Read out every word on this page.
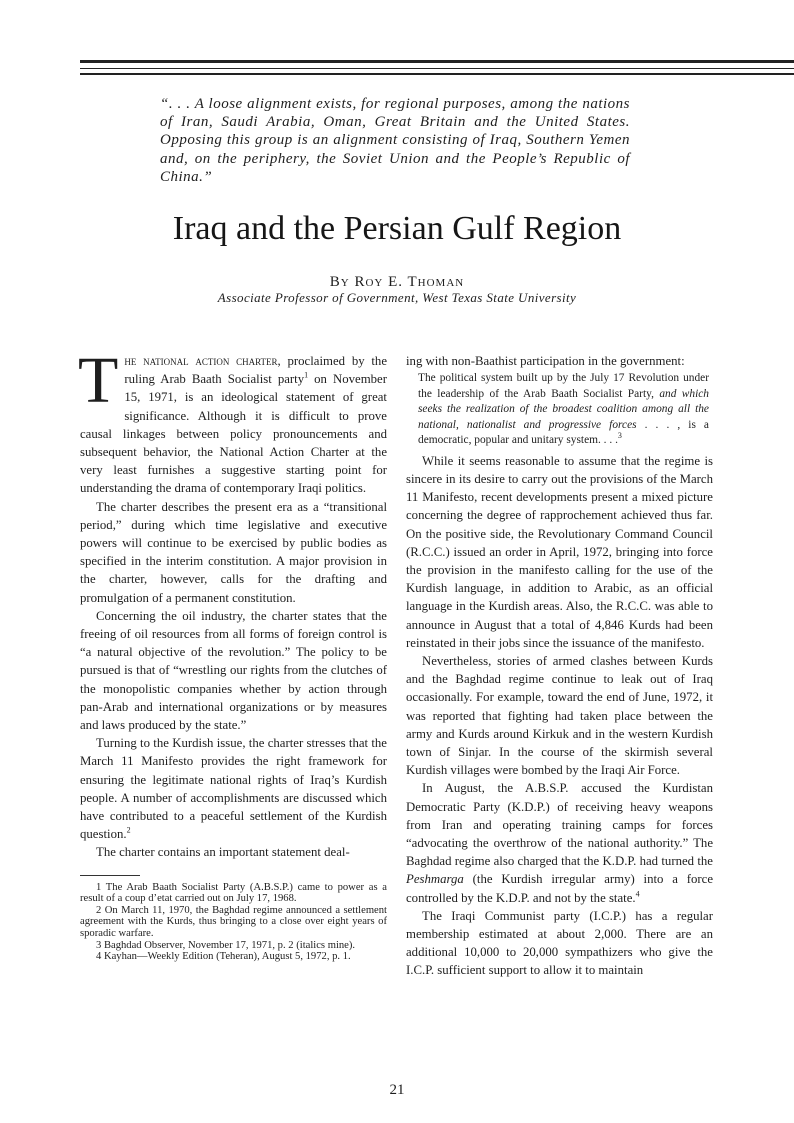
“. . . A loose alignment exists, for regional purposes, among the nations of Iran, Saudi Arabia, Oman, Great Britain and the United States. Opposing this group is an alignment consisting of Iraq, Southern Yemen and, on the periphery, the Soviet Union and the People’s Republic of China.”

Iraq and the Persian Gulf Region
By Roy E. Thoman
Associate Professor of Government, West Texas State University

The national action charter, proclaimed by the ruling Arab Baath Socialist party$^1$ on November 15, 1971, is an ideological statement of great significance. Although it is difficult to prove causal linkages between policy pronouncements and subsequent behavior, the National Action Charter at the very least furnishes a suggestive starting point for understanding the drama of contemporary Iraqi politics.

The charter describes the present era as a “transitional period,” during which time legislative and executive powers will continue to be exercised by public bodies as specified in the interim constitution. A major provision in the charter, however, calls for the drafting and promulgation of a permanent constitution.

Concerning the oil industry, the charter states that the freeing of oil resources from all forms of foreign control is “a natural objective of the revolution.” The policy to be pursued is that of “wrestling our rights from the clutches of the monopolistic companies whether by action through pan-Arab and international organizations or by measures and laws produced by the state.”

Turning to the Kurdish issue, the charter stresses that the March 11 Manifesto provides the right framework for ensuring the legitimate national rights of Iraq’s Kurdish people. A number of accomplishments are discussed which have contributed to a peaceful settlement of the Kurdish question.$^2$

The charter contains an important statement deal-

1 The Arab Baath Socialist Party (A.B.S.P.) came to power as a result of a coup d’etat carried out on July 17, 1968.

2 On March 11, 1970, the Baghdad regime announced a settlement agreement with the Kurds, thus bringing to a close over eight years of sporadic warfare.

3 Baghdad Observer, November 17, 1971, p. 2 (italics mine).

4 Kayhan—Weekly Edition (Teheran), August 5, 1972, p. 1.

ing with non-Baathist participation in the government:

The political system built up by the July 17 Revolution under the leadership of the Arab Baath Socialist Party, and which seeks the realization of the broadest coalition among all the national, nationalist and progressive forces . . . , is a democratic, popular and unitary system. . . .$^3$

While it seems reasonable to assume that the regime is sincere in its desire to carry out the provisions of the March 11 Manifesto, recent developments present a mixed picture concerning the degree of rapprochement achieved thus far. On the positive side, the Revolutionary Command Council (R.C.C.) issued an order in April, 1972, bringing into force the provision in the manifesto calling for the use of the Kurdish language, in addition to Arabic, as an official language in the Kurdish areas. Also, the R.C.C. was able to announce in August that a total of 4,846 Kurds had been reinstated in their jobs since the issuance of the manifesto.

Nevertheless, stories of armed clashes between Kurds and the Baghdad regime continue to leak out of Iraq occasionally. For example, toward the end of June, 1972, it was reported that fighting had taken place between the army and Kurds around Kirkuk and in the western Kurdish town of Sinjar. In the course of the skirmish several Kurdish villages were bombed by the Iraqi Air Force.

In August, the A.B.S.P. accused the Kurdistan Democratic Party (K.D.P.) of receiving heavy weapons from Iran and operating training camps for forces “advocating the overthrow of the national authority.” The Baghdad regime also charged that the K.D.P. had turned the Peshmarga (the Kurdish irregular army) into a force controlled by the K.D.P. and not by the state.$^4$

The Iraqi Communist party (I.C.P.) has a regular membership estimated at about 2,000. There are an additional 10,000 to 20,000 sympathizers who give the I.C.P. sufficient support to allow it to maintain

21
